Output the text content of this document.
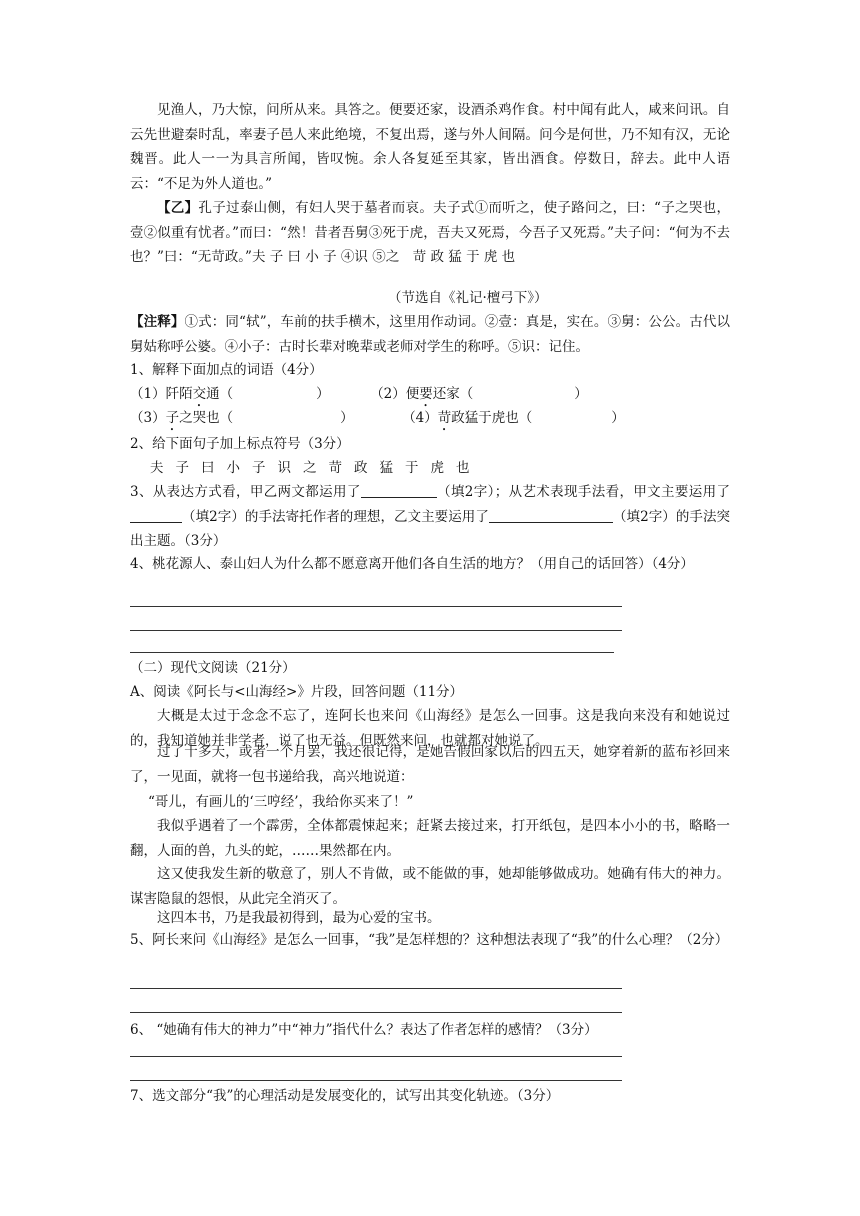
见渔人，乃大惊，问所从来。具答之。便要还家，设酒杀鸡作食。村中闻有此人，咸来问讯。自云先世避秦时乱，率妻子邑人来此绝境，不复出焉，遂与外人间隔。问今是何世，乃不知有汉，无论魏晋。此人一一为具言所闻，皆叹惋。余人各复延至其家，皆出酒食。停数日，辞去。此中人语云：“不足为外人道也。”
【乙】孔子过泰山侧，有妇人哭于墓者而哀。夫子式①而听之，使子路问之，曰：“子之哭也，壹②似重有忧者。”而曰：“然！昔者吾舅③死于虎，吾夫又死焉，今吾子又死焉。”夫子问：“何为不去也？”曰：“无苛政。”夫 子 曰 小 子 ④识 ⑤之　苛 政 猛 于 虎 也
（节选自《礼记·檀弓下》）
【注释】①式：同“轼”，车前的扶手横木，这里用作动词。②壹：真是，实在。③舅：公公。古代以舅姑称呼公婆。④小子：古时长辈对晚辈或老师对学生的称呼。⑤识：记住。
1、解释下面加点的词语（4分）
（1）阡陌交通 （	）	（2）便要还家 （	）

（3）子之哭也 （	）	（4）苛政猛于虎也 （	）

2、给下面句子加上标点符号（3分）
夫子曰小子识之苛政猛于虎也
3、从表达方式看，甲乙两文都运用了	（填2字）；从艺术表现手法看，甲文主要运用了（填2字）的手法寄托作者的理想，乙文主要运用了	（填2字）的手法突出主题。（3分）
4、桃花源人、泰山妇人为什么都不愿意离开他们各自生活的地方？（用自己的话回答）（4分）
（二）现代文阅读（21分）
A、阅读《阿长与<山海经>》片段，回答问题（11分）
大概是太过于念念不忘了，连阿长也来问《山海经》是怎么一回事。这是我向来没有和她说过的，我知道她并非学者，说了也无益。但既然来问，也就都对她说了。
过了十多天，或者一个月罢，我还很记得，是她告假回家以后的四五天，她穿着新的蓝布衫回来了，一见面，就将一包书递给我，高兴地说道：
“哥儿，有画儿的‘三哼经’，我给你买来了！”
我似乎遇着了一个霹雳，全体都震悚起来；赶紧去接过来，打开纸包，是四本小小的书，略略一翻，人面的兽，九头的蛇，……果然都在内。
这又使我发生新的敬意了，别人不肯做，或不能做的事，她却能够做成功。她确有伟大的神力。谋害隐鼠的怨恨，从此完全消灭了。
这四本书，乃是我最初得到，最为心爱的宝书。
5、阿长来问《山海经》是怎么一回事，“我”是怎样想的？这种想法表现了“我”的什么心理？（2分）
6、 “她确有伟大的神力”中“神力”指代什么？表达了作者怎样的感情？（3分）
7、选文部分“我”的心理活动是发展变化的，试写出其变化轨迹。（3分）
